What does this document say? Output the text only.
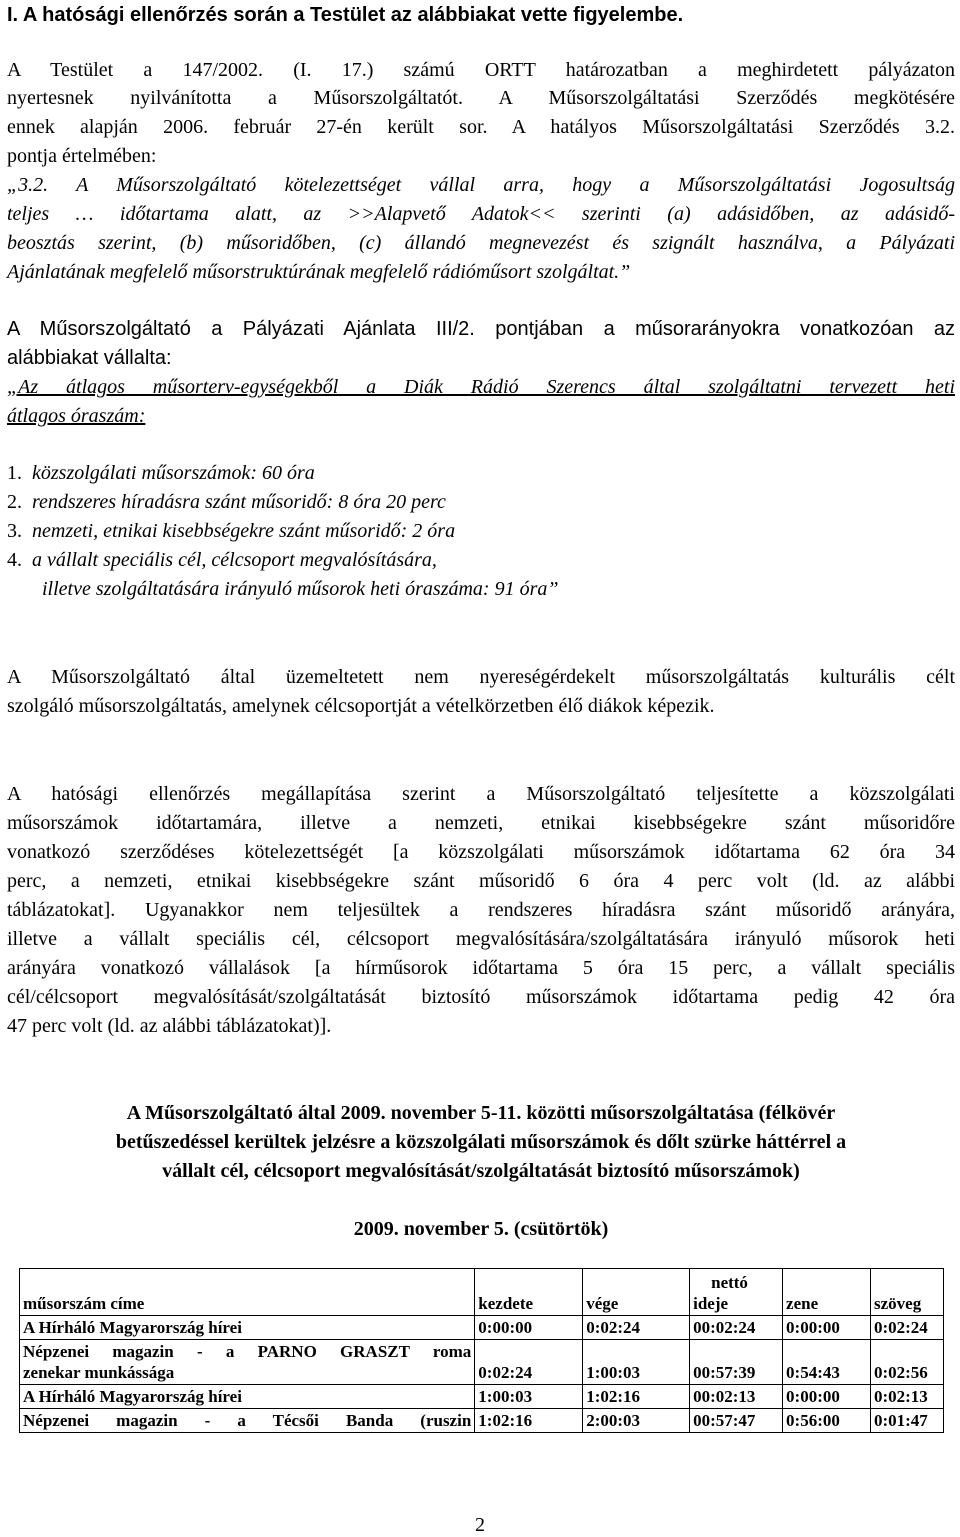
I. A hatósági ellenőrzés során a Testület az alábbiakat vette figyelembe.
A Testület a 147/2002. (I. 17.) számú ORTT határozatban a meghirdetett pályázaton
nyertesnek nyilvánította a Műsorszolgáltatót. A Műsorszolgáltatási Szerződés megkötésére
ennek alapján 2006. február 27-én került sor. A hatályos Műsorszolgáltatási Szerződés 3.2.
pontja értelmében:
„3.2. A Műsorszolgáltató kötelezettséget vállal arra, hogy a Műsorszolgáltatási Jogosultság
teljes … időtartama alatt, az >>Alapvető Adatok<< szerinti (a) adásidőben, az adásidő-
beosztás szerint, (b) műsoridőben, (c) állandó megnevezést és szignált használva, a Pályázati
Ajánlatának megfelelő műsorstruktúrának megfelelő rádióműsort szolgáltat.”
A Műsorszolgáltató a Pályázati Ajánlata III/2. pontjában a műsorarányokra vonatkozóan az
alábbiakat vállalta:
„Az átlagos műsorterv-egységekből a Diák Rádió Szerencs által szolgáltatni tervezett heti
átlagos óraszám:
1. közszolgálati műsorszámok: 60 óra
2. rendszeres híradásra szánt műsoridő: 8 óra 20 perc
3. nemzeti, etnikai kisebbségekre szánt műsoridő: 2 óra
4. a vállalt speciális cél, célcsoport megvalósítására,
illetve szolgáltatására irányuló műsorok heti óraszáma: 91 óra”
A Műsorszolgáltató által üzemeltetett nem nyereségérdekelt műsorszolgáltatás kulturális célt
szolgáló műsorszolgáltatás, amelynek célcsoportját a vételkörzetben élő diákok képezik.
A hatósági ellenőrzés megállapítása szerint a Műsorszolgáltató teljesítette a közszolgálati
műsorszámok időtartamára, illetve a nemzeti, etnikai kisebbségekre szánt műsoridőre
vonatkozó szerződéses kötelezettségét [a közszolgálati műsorszámok időtartama 62 óra 34
perc, a nemzeti, etnikai kisebbségekre szánt műsoridő 6 óra 4 perc volt (ld. az alábbi
táblázatokat]. Ugyanakkor nem teljesültek a rendszeres híradásra szánt műsoridő arányára,
illetve a vállalt speciális cél, célcsoport megvalósítására/szolgáltatására irányuló műsorok heti
arányára vonatkozó vállalások [a hírműsorok időtartama 5 óra 15 perc, a vállalt speciális
cél/célcsoport megvalósítását/szolgáltatását biztosító műsorszámok időtartama pedig 42 óra
47 perc volt (ld. az alábbi táblázatokat)].
A Műsorszolgáltató által 2009. november 5-11. közötti műsorszolgáltatása (félkövér
betűszedéssel kerültek jelzésre a közszolgálati műsorszámok és dőlt szürke háttérrel a
vállalt cél, célcsoport megvalósítását/szolgáltatását biztosító műsorszámok)
2009. november 5. (csütörtök)
műsorszám címe	kezdete	vége	nettó
ideje	zene	szöveg
A Hírháló Magyarország hírei	0:00:00	0:02:24	00:02:24	0:00:00	0:02:24

Népzenei magazin - a PARNO GRASZT roma
zenekar munkássága	0:02:24	1:00:03	00:57:39	0:54:43	0:02:56
A Hírháló Magyarország hírei	1:00:03	1:02:16	00:02:13	0:00:00	0:02:13
Népzenei magazin - a Técsői Banda (ruszin	1:02:16	2:00:03	00:57:47	0:56:00	0:01:47
2
